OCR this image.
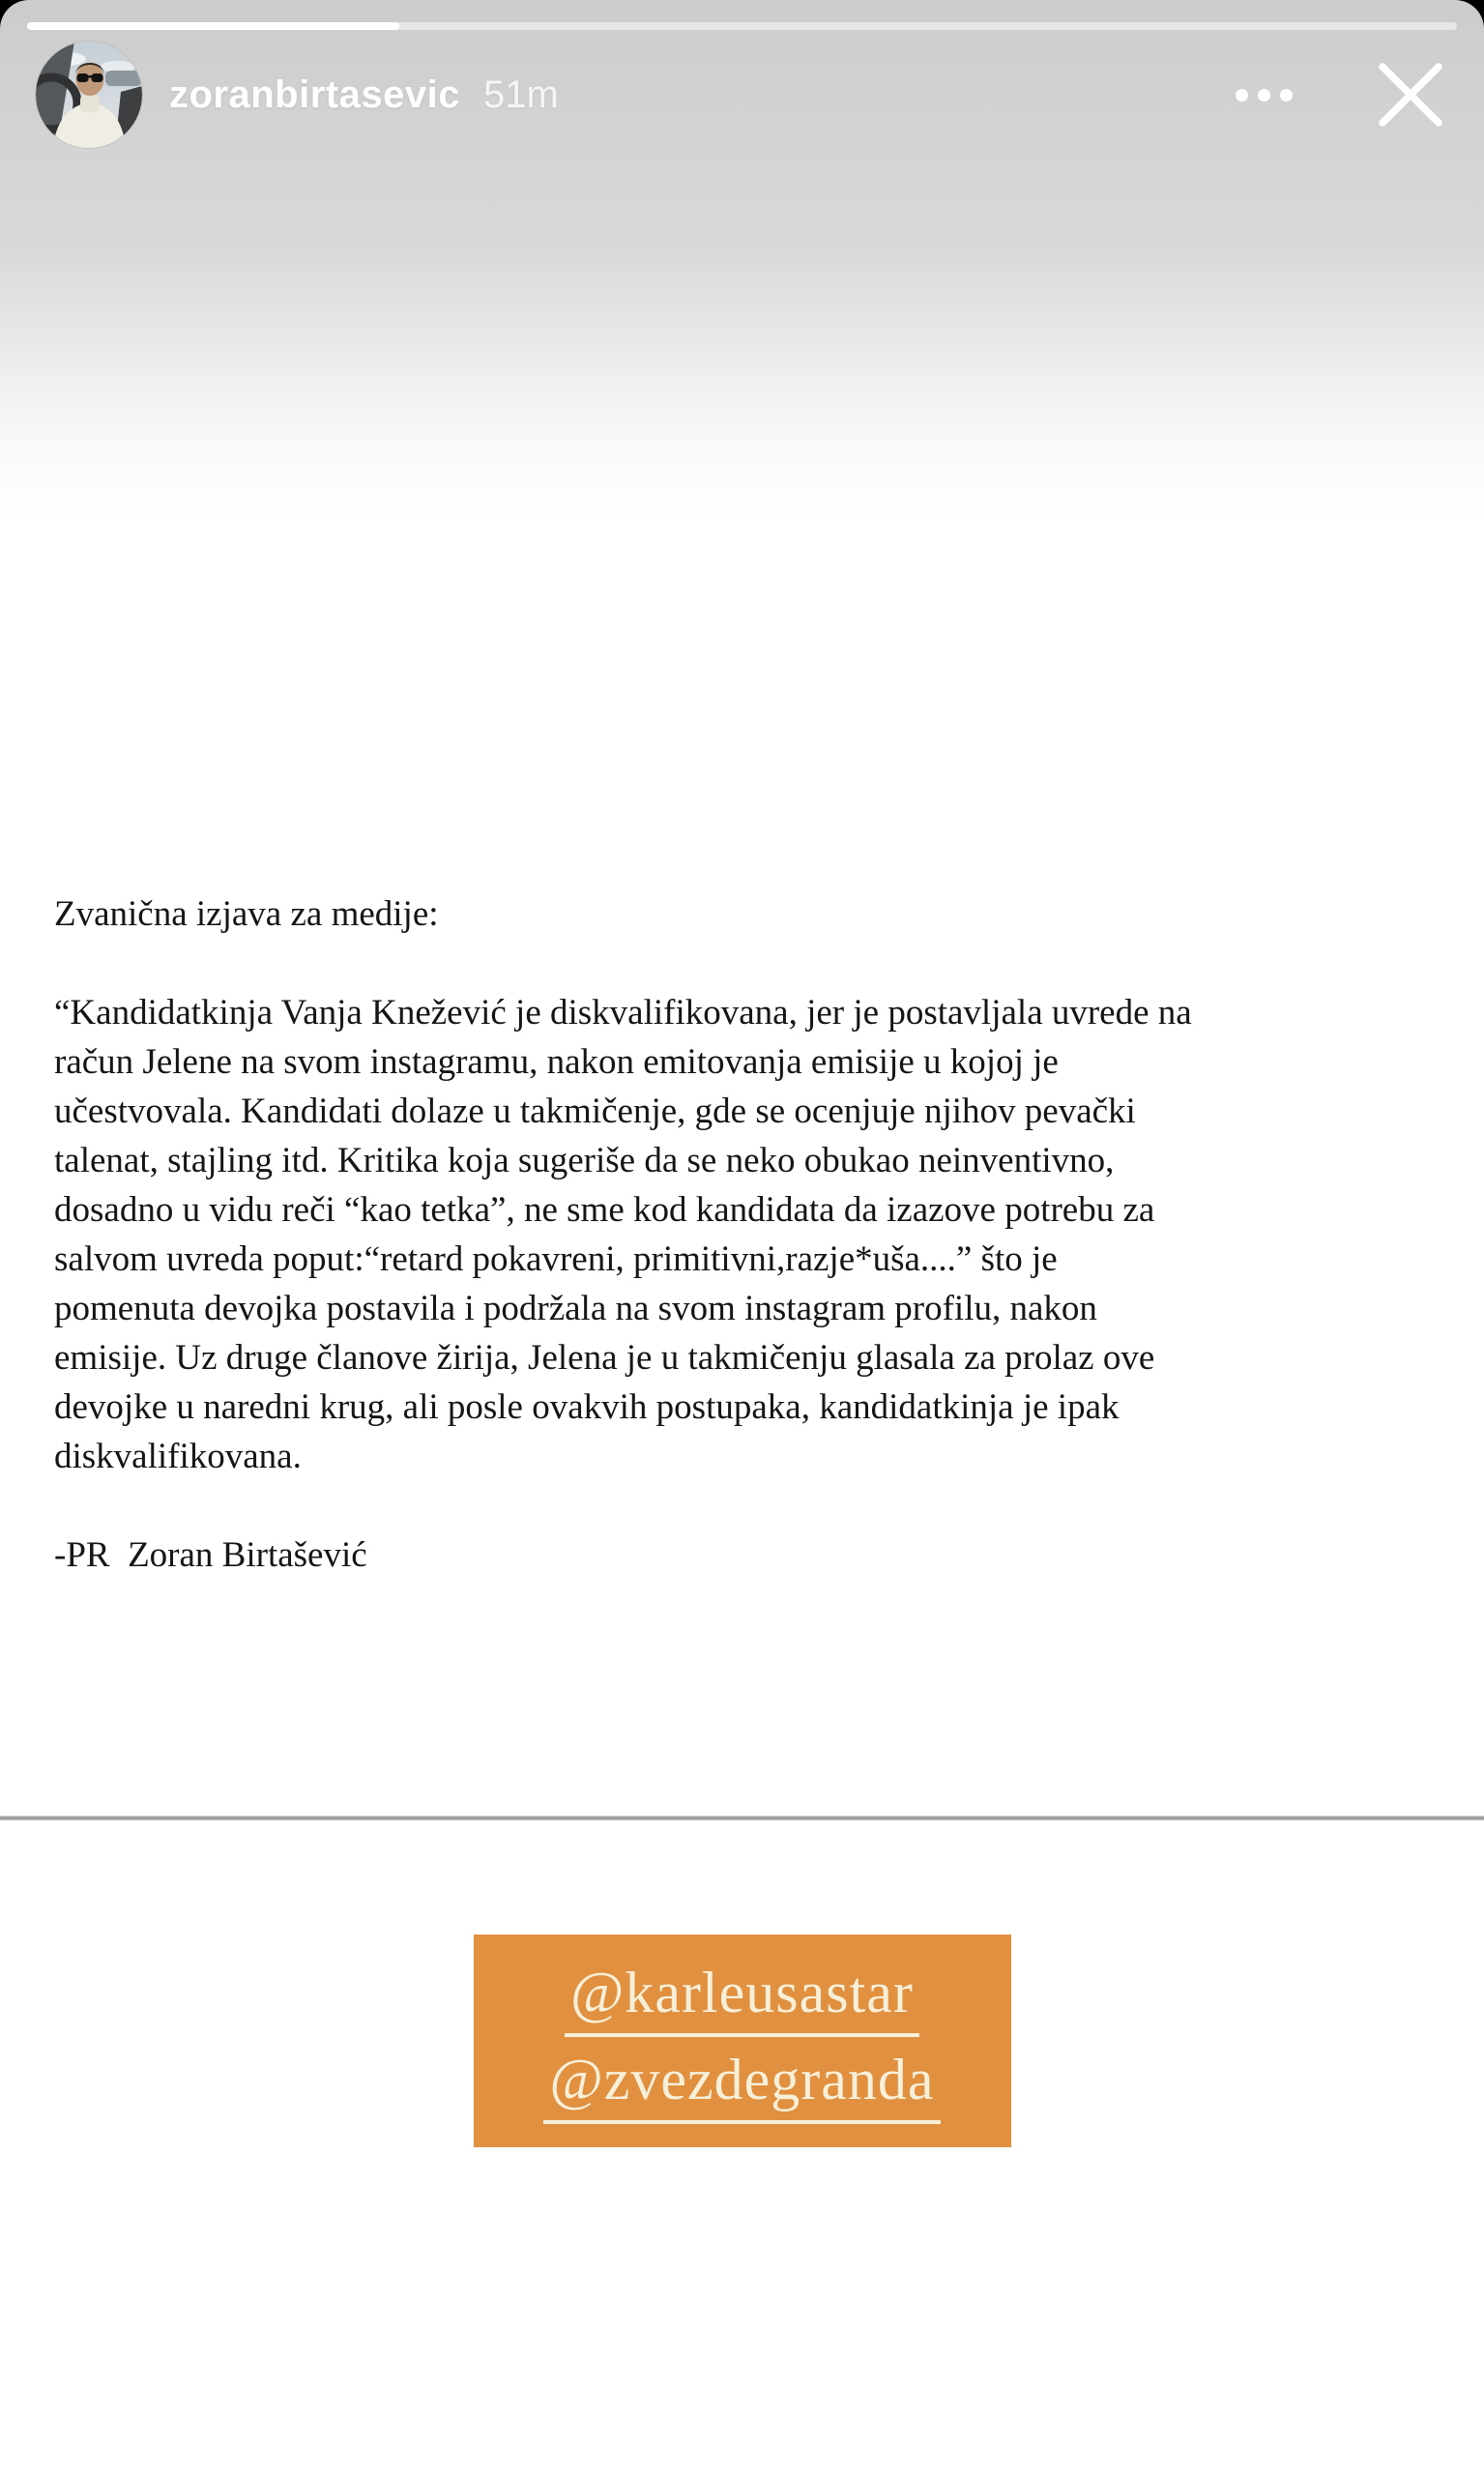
zoranbirtasevic 51m

Zvanična izjava za medije:

“Kandidatkinja Vanja Knežević je diskvalifikovana, jer je postavljala uvrede na
račun Jelene na svom instagramu, nakon emitovanja emisije u kojoj je
učestvovala. Kandidati dolaze u takmičenje, gde se ocenjuje njihov pevački
talenat, stajling itd. Kritika koja sugeriše da se neko obukao neinventivno,
dosadno u vidu reči “kao tetka”, ne sme kod kandidata da izazove potrebu za
salvom uvreda poput:“retard pokavreni, primitivni,razje*uša....” što je
pomenuta devojka postavila i podržala na svom instagram profilu, nakon
emisije. Uz druge članove žirija, Jelena je u takmičenju glasala za prolaz ove
devojke u naredni krug, ali posle ovakvih postupaka, kandidatkinja je ipak
diskvalifikovana.
-PR  Zoran Birtašević
@karleusastar
@zvezdegranda
